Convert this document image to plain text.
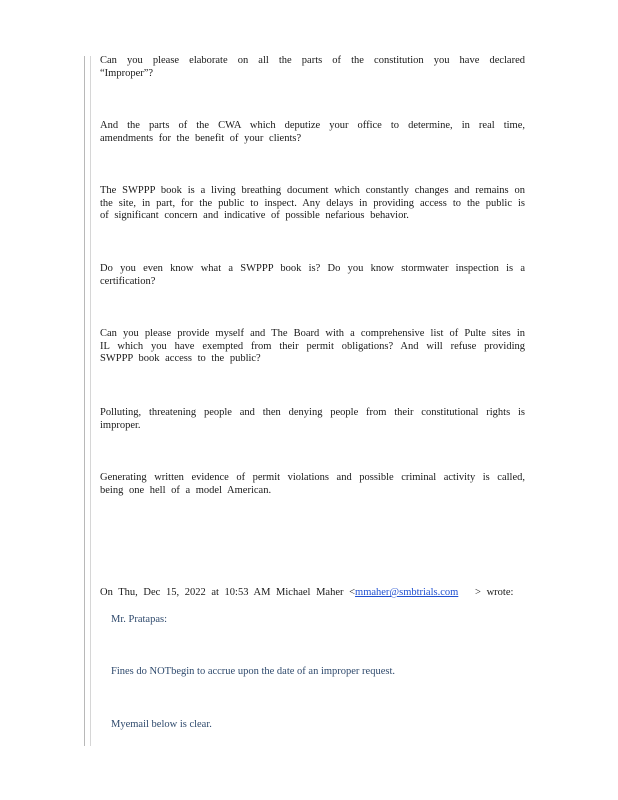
Can you please elaborate on all the parts of the constitution you have declared “Improper”?
And the parts of the CWA which deputize your office to determine, in real time, amendments for the benefit of your clients?
The SWPPP book is a living breathing document which constantly changes and remains on the site, in part, for the public to inspect. Any delays in providing access to the public is of significant concern and indicative of possible nefarious behavior.
Do you even know what a SWPPP book is? Do you know stormwater inspection is a certification?
Can you please provide myself and The Board with a comprehensive list of Pulte sites in IL which you have exempted from their permit obligations? And will refuse providing SWPPP book access to the public?
Polluting, threatening people and then denying people from their constitutional rights is improper.
Generating written evidence of permit violations and possible criminal activity is called, being one hell of a model American.
On Thu, Dec 15, 2022 at 10:53 AM Michael Maher <mmaher@smbtrials.com > wrote:
Mr. Pratapas:
Fines do NOTbegin to accrue upon the date of an improper request.
Myemail below is clear.
